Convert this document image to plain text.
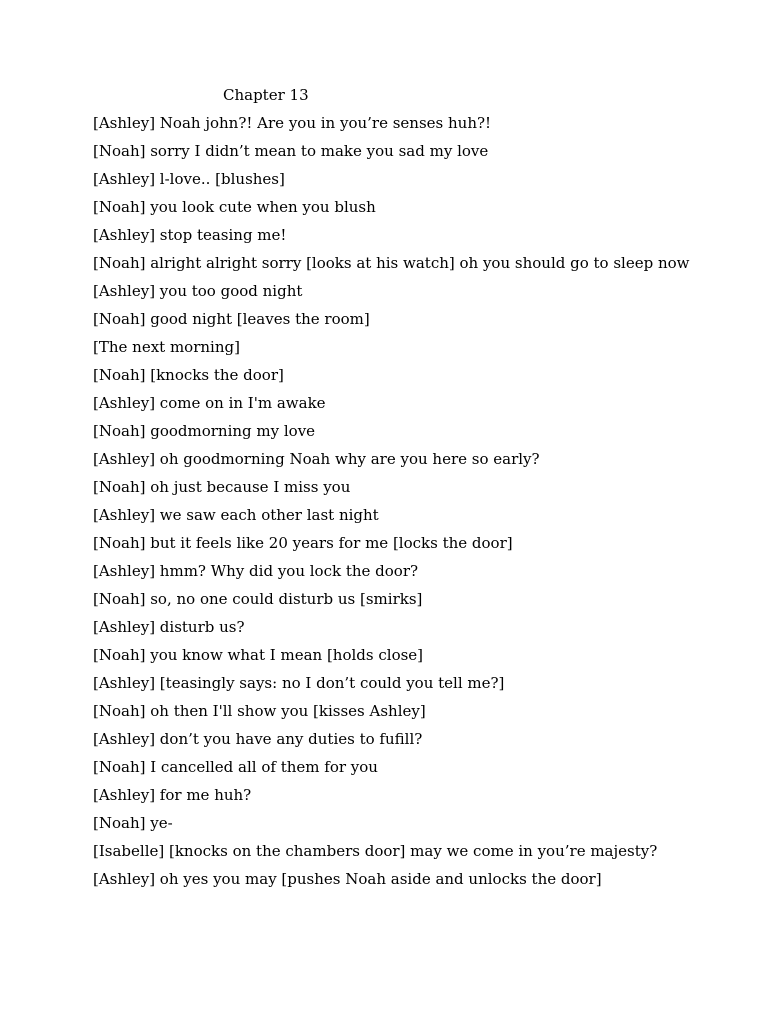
Chapter 13

[Ashley] Noah john?! Are you in you’re senses huh?!

[Noah] sorry I didn’t mean to make you sad my love

[Ashley] l-love.. [blushes]

[Noah] you look cute when you blush

[Ashley] stop teasing me!

[Noah] alright alright sorry [looks at his watch] oh you should go to sleep now

[Ashley] you too good night

[Noah] good night [leaves the room]

[The next morning]

[Noah] [knocks the door]

[Ashley] come on in I'm awake

[Noah] goodmorning my love

[Ashley] oh goodmorning Noah why are you here so early?

[Noah] oh just because I miss you

[Ashley] we saw each other last night

[Noah] but it feels like 20 years for me [locks the door]

[Ashley] hmm? Why did you lock the door?

[Noah] so, no one could disturb us [smirks]

[Ashley] disturb us?

[Noah] you know what I mean [holds close]

[Ashley] [teasingly says: no I don’t could you tell me?]

[Noah] oh then I'll show you [kisses Ashley]

[Ashley] don’t you have any duties to fufill?

[Noah] I cancelled all of them for you

[Ashley] for me huh?

[Noah] ye-

[Isabelle] [knocks on the chambers door] may we come in you’re majesty?

[Ashley] oh yes you may [pushes Noah aside and unlocks the door]
